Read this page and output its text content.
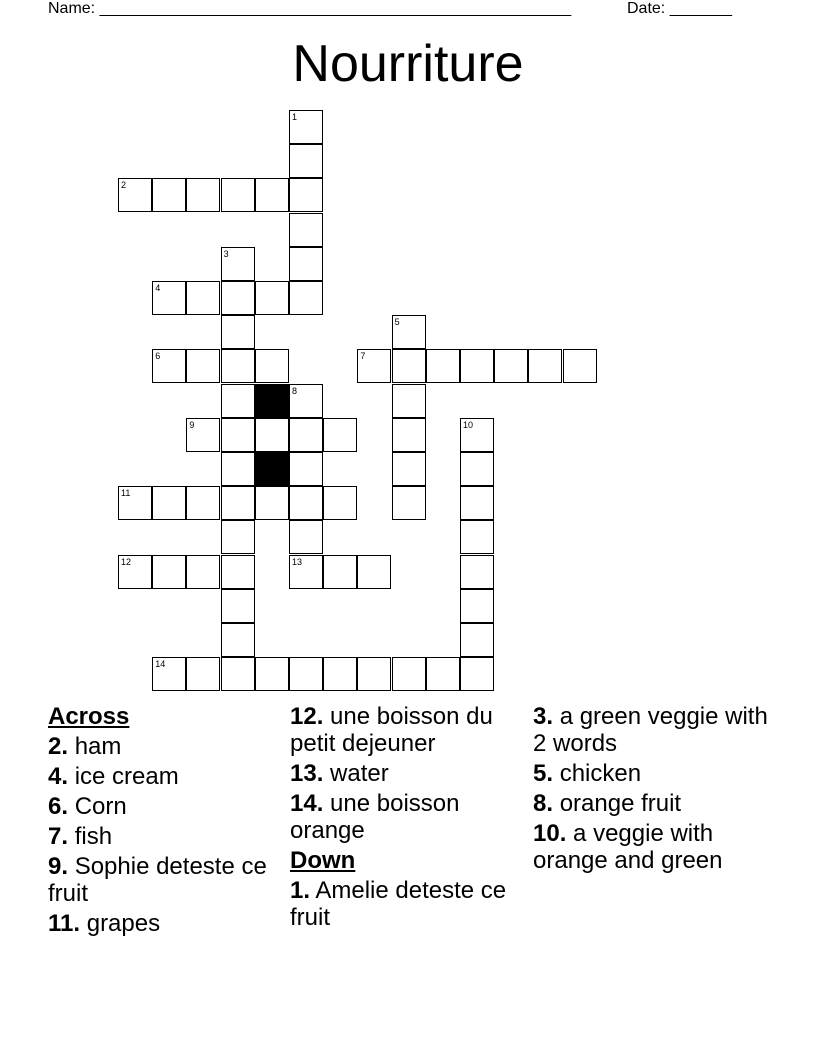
Name: _____________________________________________________	Date: _______
Nourriture
1
2
3
4
5
6	7
8
9	10
11
12	13
14
Across
2. ham
4. ice cream
6. Corn
7. fish
9. Sophie deteste ce fruit
11. grapes
12. une boisson du petit dejeuner
13. water
14. une boisson orange
Down
1. Amelie deteste ce fruit
3. a green veggie with 2 words
5. chicken
8. orange fruit
10. a veggie with orange and green
